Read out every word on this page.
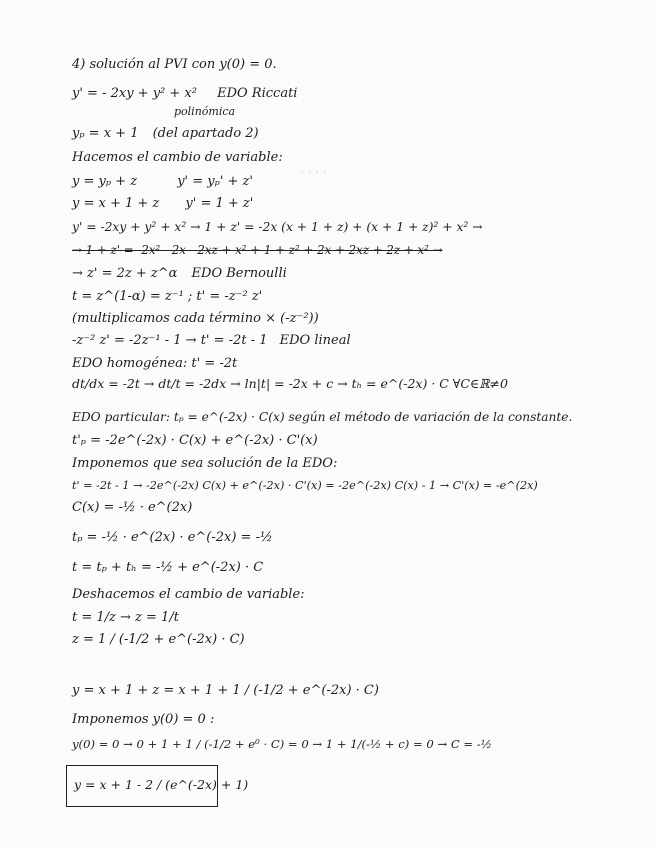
· · · ·
4) solución al PVI con y(0) = 0.
y' = - 2xy + y² + x² EDO Riccati
polinómica
yₚ = x + 1 (del apartado 2)
Hacemos el cambio de variable:
y = yₚ + z	y' = yₚ' + z'
y = x + 1 + z y' = 1 + z'
y' = -2xy + y² + x² → 1 + z' = -2x (x + 1 + z) + (x + 1 + z)² + x² →
→ 1 + z' = -2x² - 2x - 2xz + x² + 1 + z² + 2x + 2xz + 2z + x² →
→ z' = 2z + z^α EDO Bernoulli
t = z^(1-α) = z⁻¹ ; t' = -z⁻² z'
(multiplicamos cada término × (-z⁻²))
-z⁻² z' = -2z⁻¹ - 1 → t' = -2t - 1 EDO lineal
EDO homogénea: t' = -2t
dt/dx = -2t → dt/t = -2dx → ln|t| = -2x + c → tₕ = e^(-2x) · C ∀C∈ℝ≠0
EDO particular: tₚ = e^(-2x) · C(x) según el método de variación de la constante.
t'ₚ = -2e^(-2x) · C(x) + e^(-2x) · C'(x)
Imponemos que sea solución de la EDO:
t' = -2t - 1 → -2e^(-2x) C(x) + e^(-2x) · C'(x) = -2e^(-2x) C(x) - 1 → C'(x) = -e^(2x)
C(x) = -½ · e^(2x)
tₚ = -½ · e^(2x) · e^(-2x) = -½
t = tₚ + tₕ = -½ + e^(-2x) · C
Deshacemos el cambio de variable:
t = 1/z → z = 1/t
z = 1 / (-1/2 + e^(-2x) · C)
y = x + 1 + z = x + 1 + 1 / (-1/2 + e^(-2x) · C)
Imponemos y(0) = 0 :
y(0) = 0 → 0 + 1 + 1 / (-1/2 + e⁰ · C) = 0 → 1 + 1/(-½ + c) = 0 → C = -½
y = x + 1 - 2 / (e^(-2x) + 1)
